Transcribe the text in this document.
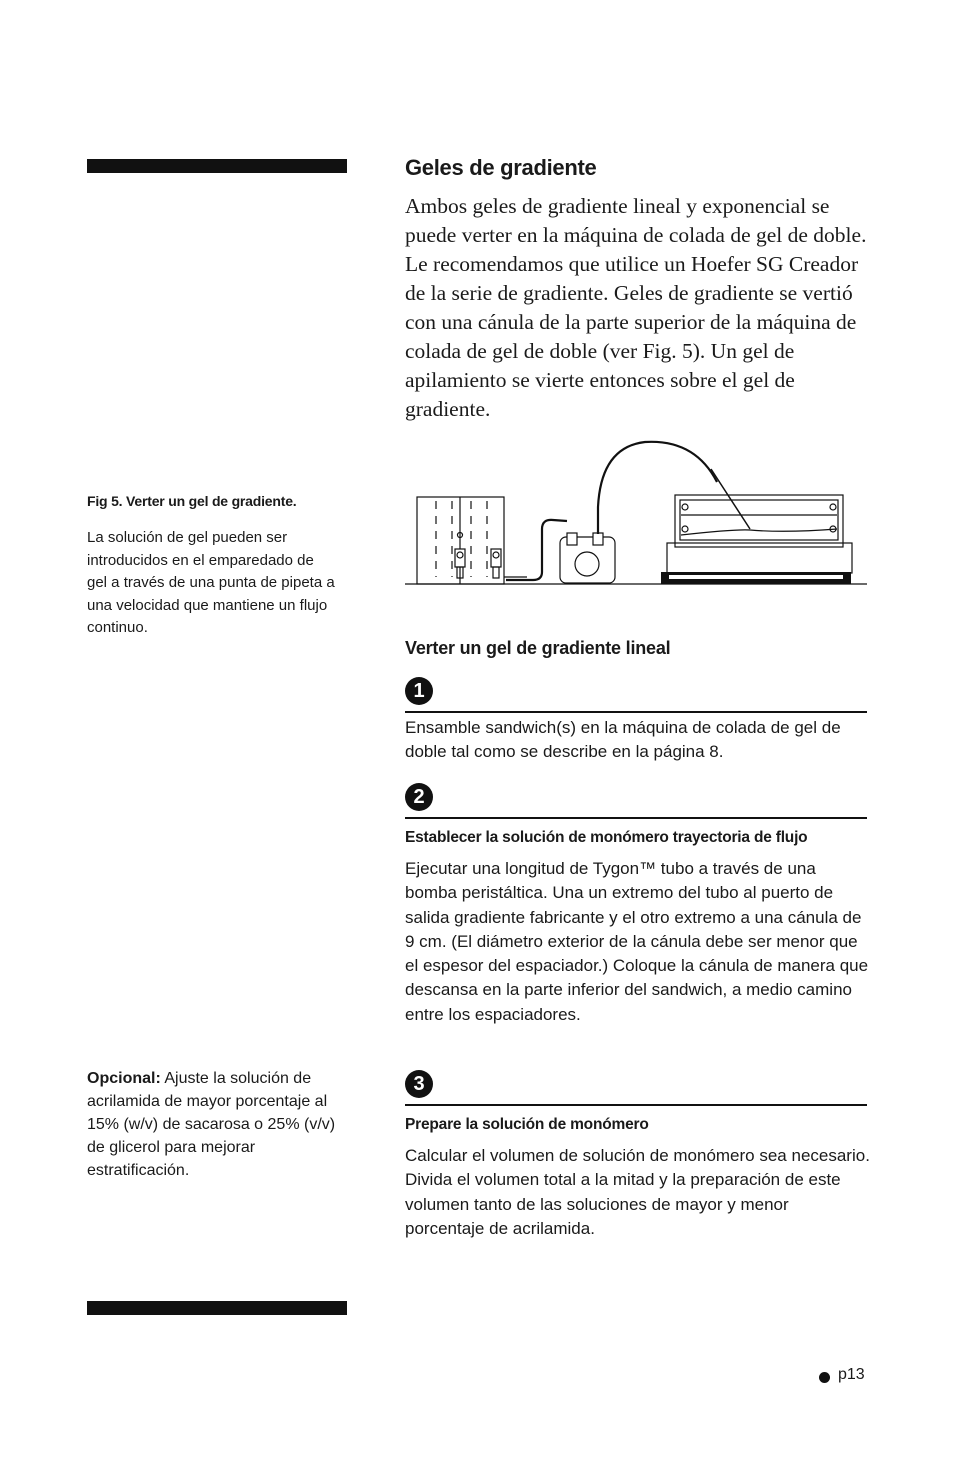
Geles de gradiente
Ambos geles de gradiente lineal y exponencial se puede verter en la máquina de colada de gel de doble. Le recomendamos que utilice un Hoefer SG Creador de la serie de gradiente. Geles de gradiente se vertió con una cánula de la parte superior de la máquina de colada de gel de doble (ver Fig. 5). Un gel de apilamiento se vierte entonces sobre el gel de gradiente.
Fig 5. Verter un gel de gradiente.
La solución de gel pueden ser introducidos en el emparedado de gel a través de una punta de pipeta a una velocidad que mantiene un flujo continuo.
Verter un gel de gradiente lineal
1
Ensamble sandwich(s) en la máquina de colada de gel de doble tal como se describe en la página 8.
2
Establecer la solución de monómero trayectoria de flujo
Ejecutar una longitud de Tygon™ tubo a través de una bomba peristáltica. Una un extremo del tubo al puerto de salida gradiente fabricante y el otro extremo a una cánula de 9 cm. (El diámetro exterior de la cánula debe ser menor que el espesor del espaciador.) Coloque la cánula de manera que descansa en la parte inferior del sandwich, a medio camino entre los espaciadores.
3
Prepare la solución de monómero
Calcular el volumen de solución de monómero sea necesario. Divida el volumen total a la mitad y la preparación de este volumen tanto de las soluciones de mayor y menor porcentaje de acrilamida.
Opcional: Ajuste la solución de acrilamida de mayor porcentaje al 15% (w/v) de sacarosa o 25% (v/v) de glicerol para mejorar estratificación.
p13
